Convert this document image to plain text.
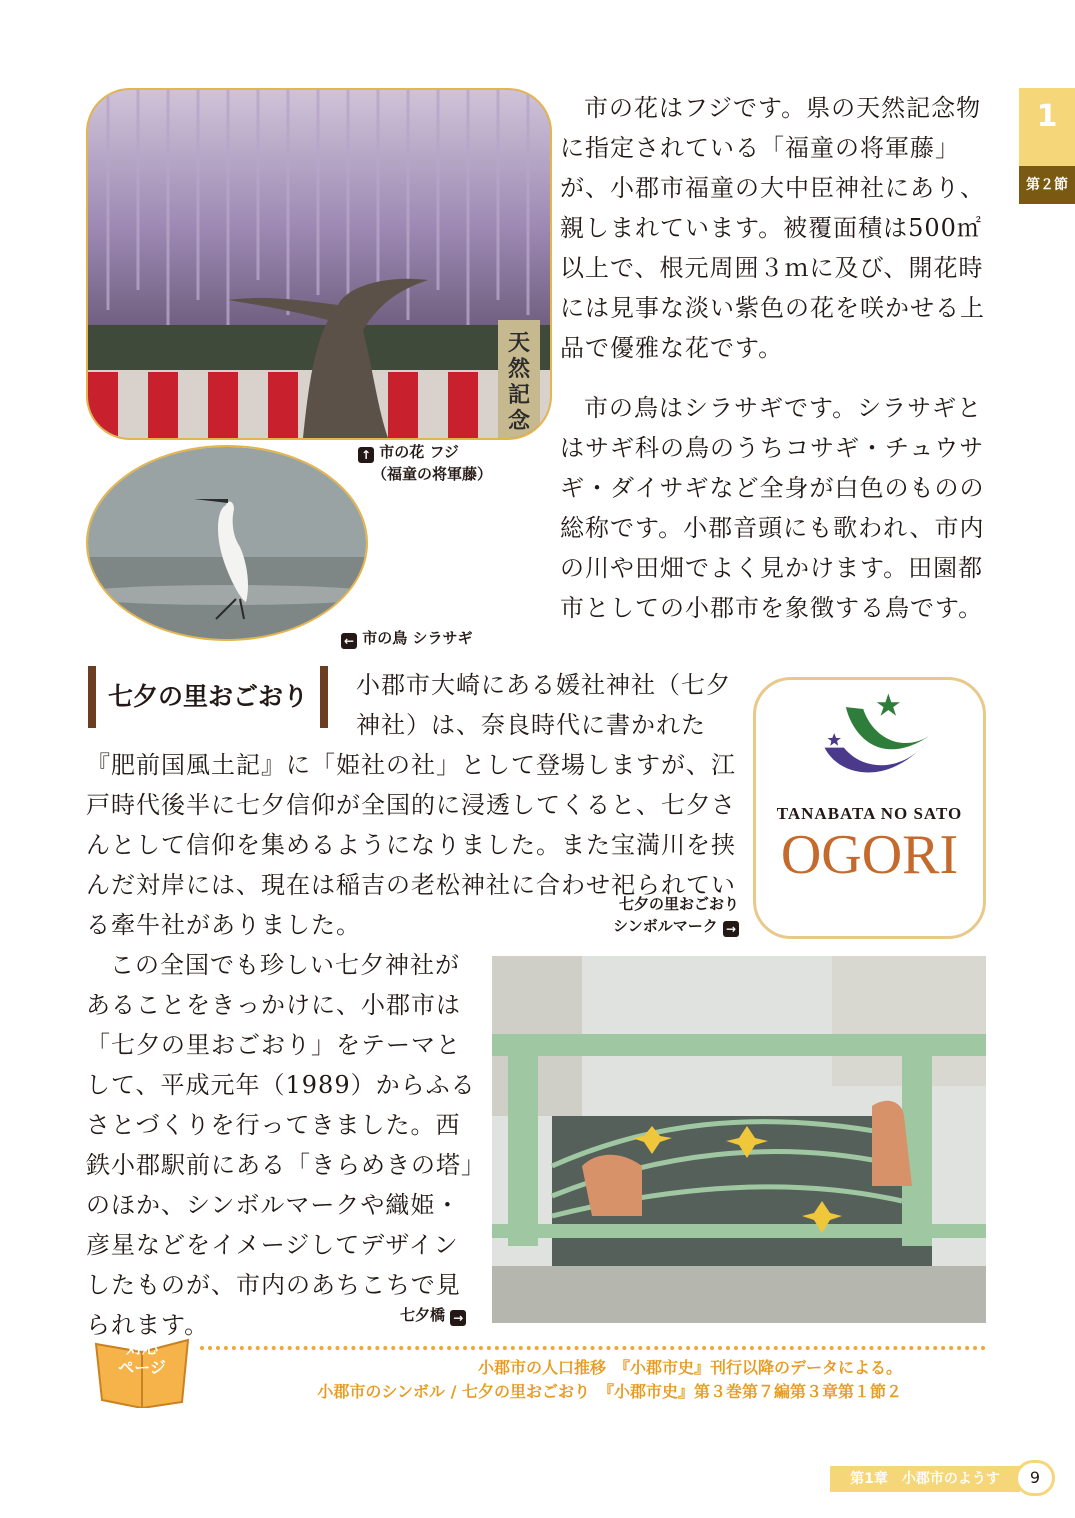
1
第２節
天然記念
↑ 市の花 フジ
（福童の将軍藤）
← 市の鳥 シラサギ

市の花はフジです。県の天然記念物に指定されている「福童の将軍藤」が、小郡市福童の大中臣神社にあり、親しまれています。被覆面積は500㎡以上で、根元周囲３ｍに及び、開花時には見事な淡い紫色の花を咲かせる上品で優雅な花です。

市の鳥はシラサギです。シラサギとはサギ科の鳥のうちコサギ・チュウサギ・ダイサギなど全身が白色のものの総称です。小郡音頭にも歌われ、市内の川や田畑でよく見かけます。田園都市としての小郡市を象徴する鳥です。

七夕の里おごおり	小郡市大崎にある媛社神社（七夕神社）は、奈良時代に書かれた『肥前国風土記』に「姫社の社」として登場しますが、江戸時代後半に七夕信仰が全国的に浸透してくると、七夕さんとして信仰を集めるようになりました。また宝満川を挟んだ対岸には、現在は稲吉の老松神社に合わせ祀られている牽牛社がありました。

TANABATA NO SATO
OGORI
七夕の里おごおり
シンボルマーク →

この全国でも珍しい七夕神社があることをきっかけに、小郡市は「七夕の里おごおり」をテーマとして、平成元年（1989）からふるさとづくりを行ってきました。西鉄小郡駅前にある「きらめきの塔」のほか、シンボルマークや織姫・彦星などをイメージしてデザインしたものが、市内のあちこちで見られます。	七夕橋 →
対応
ページ	小郡市の人口推移　『小郡市史』刊行以降のデータによる。
小郡市のシンボル / 七夕の里おごおり　『小郡市史』第３巻第７編第３章第１節２
第1章　小郡市のようす	9
